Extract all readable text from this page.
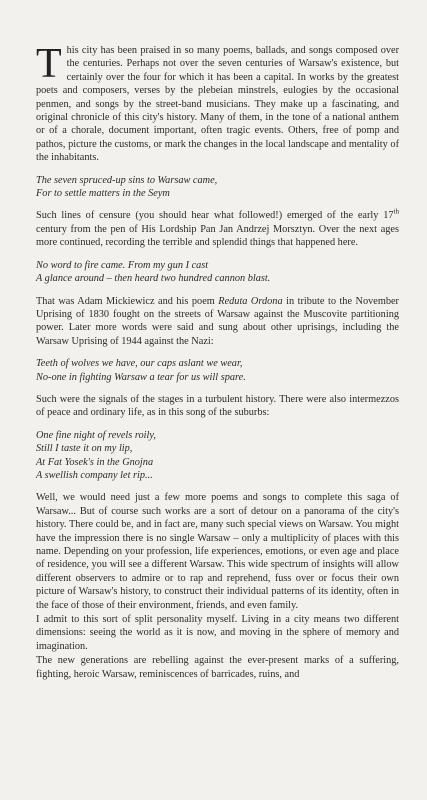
This city has been praised in so many poems, ballads, and songs composed over the centuries. Perhaps not over the seven centuries of Warsaw's existence, but certainly over the four for which it has been a capital. In works by the greatest poets and composers, verses by the plebeian minstrels, eulogies by the occasional penmen, and songs by the street-band musicians. They make up a fascinating, and original chronicle of this city's history. Many of them, in the tone of a national anthem or of a chorale, document important, often tragic events. Others, free of pomp and pathos, picture the customs, or mark the changes in the local landscape and mentality of the inhabitants.

The seven spruced-up sins to Warsaw came,
For to settle matters in the Seym

Such lines of censure (you should hear what followed!) emerged of the early 17th century from the pen of His Lordship Pan Jan Andrzej Morsztyn. Over the next ages more continued, recording the terrible and splendid things that happened here.

No word to fire came. From my gun I cast
A glance around – then heard two hundred cannon blast.

That was Adam Mickiewicz and his poem Reduta Ordona in tribute to the November Uprising of 1830 fought on the streets of Warsaw against the Muscovite partitioning power. Later more words were said and sung about other uprisings, including the Warsaw Uprising of 1944 against the Nazi:

Teeth of wolves we have, our caps aslant we wear,
No-one in fighting Warsaw a tear for us will spare.

Such were the signals of the stages in a turbulent history. There were also intermezzos of peace and ordinary life, as in this song of the suburbs:

One fine night of revels roily,
Still I taste it on my lip,
At Fat Yosek's in the Gnojna
A swellish company let rip...

Well, we would need just a few more poems and songs to complete this saga of Warsaw... But of course such works are a sort of detour on a panorama of the city's history. There could be, and in fact are, many such special views on Warsaw. You might have the impression there is no single Warsaw – only a multiplicity of places with this name. Depending on your profession, life experiences, emotions, or even age and place of residence, you will see a different Warsaw. This wide spectrum of insights will allow different observers to admire or to rap and reprehend, fuss over or focus their own picture of Warsaw's history, to construct their individual patterns of its identity, often in the face of those of their environment, friends, and even family.

I admit to this sort of split personality myself. Living in a city means two different dimensions: seeing the world as it is now, and moving in the sphere of memory and imagination.

The new generations are rebelling against the ever-present marks of a suffering, fighting, heroic Warsaw, reminiscences of barricades, ruins, and
